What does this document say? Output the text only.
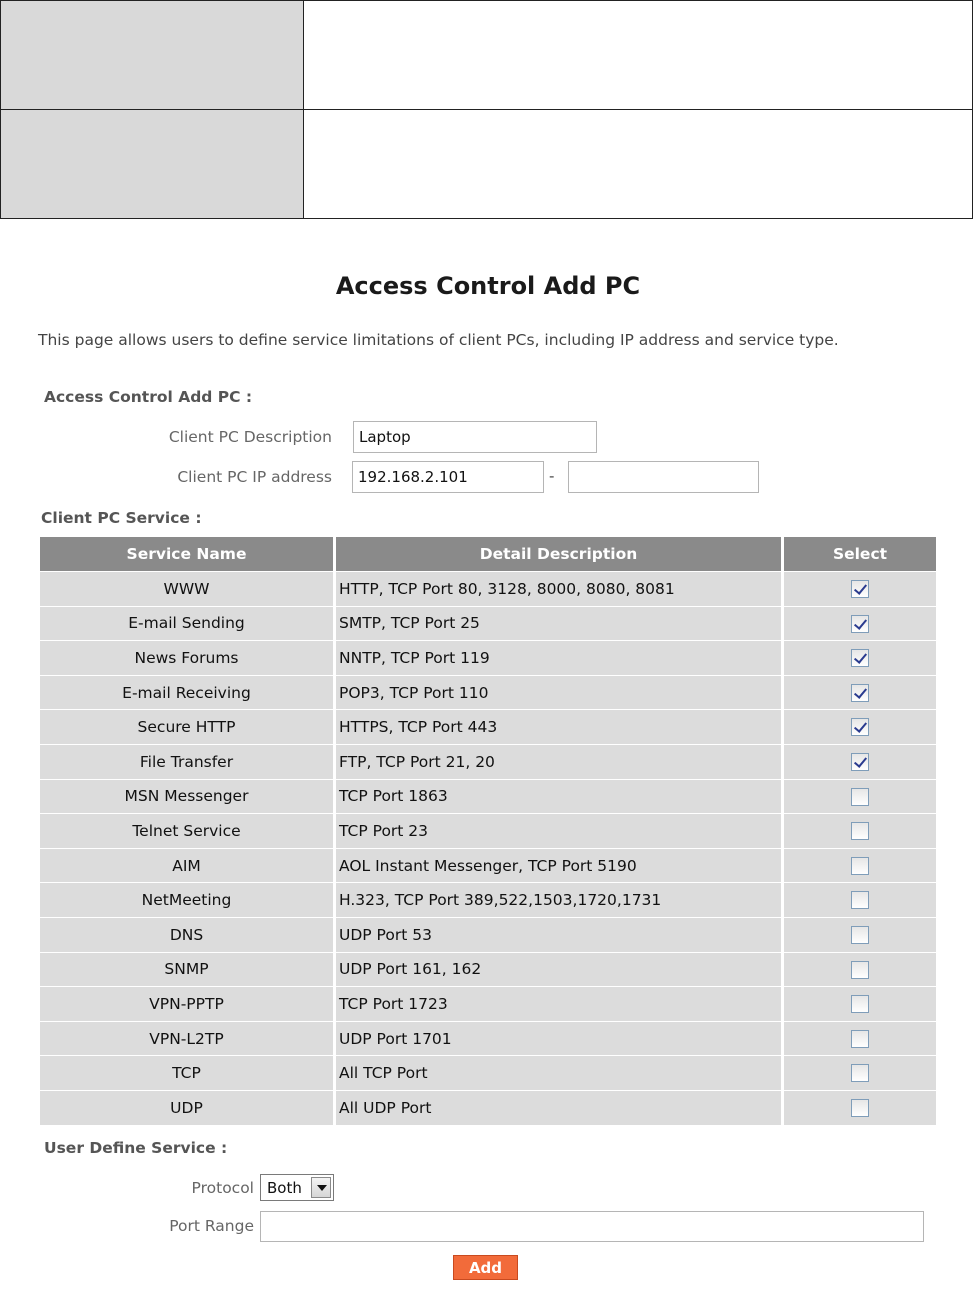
Access Control Add PC
This page allows users to define service limitations of client PCs, including IP address and service type.
Access Control Add PC :
Client PC Description
Laptop
Client PC IP address
192.168.2.101	-
Client PC Service :
Service Name	Detail Description	Select
WWW	HTTP, TCP Port 80, 3128, 8000, 8080, 8081	
E-mail Sending	SMTP, TCP Port 25	
News Forums	NNTP, TCP Port 119	
E-mail Receiving	POP3, TCP Port 110	
Secure HTTP	HTTPS, TCP Port 443	
File Transfer	FTP, TCP Port 21, 20	
MSN Messenger	TCP Port 1863	
Telnet Service	TCP Port 23	
AIM	AOL Instant Messenger, TCP Port 5190	
NetMeeting	H.323, TCP Port 389,522,1503,1720,1731	
DNS	UDP Port 53	
SNMP	UDP Port 161, 162	
VPN-PPTP	TCP Port 1723	
VPN-L2TP	UDP Port 1701	
TCP	All TCP Port	
UDP	All UDP Port	
User Define Service :
Protocol Both
Port Range
Add
